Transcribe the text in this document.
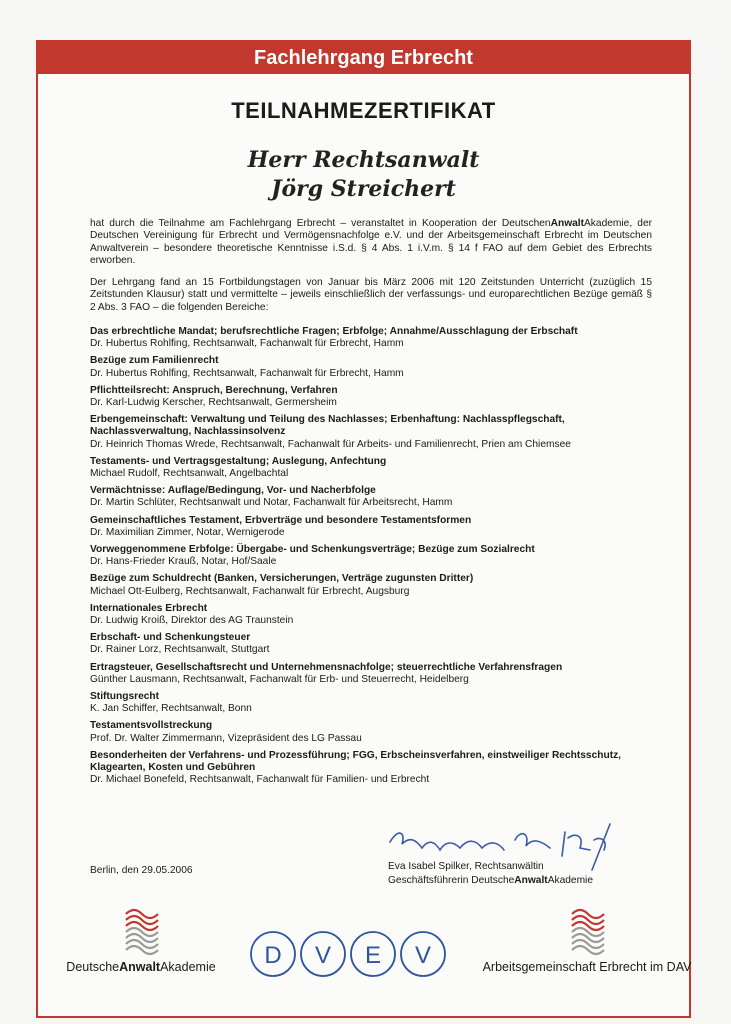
Fachlehrgang Erbrecht
TEILNAHMEZERTIFIKAT
Herr Rechtsanwalt
Jörg Streichert
hat durch die Teilnahme am Fachlehrgang Erbrecht – veranstaltet in Kooperation der DeutschenAnwaltAkademie, der Deutschen Vereinigung für Erbrecht und Vermögensnachfolge e.V. und der Arbeitsgemeinschaft Erbrecht im Deutschen Anwaltverein – besondere theoretische Kenntnisse i.S.d. § 4 Abs. 1 i.V.m. § 14 f FAO auf dem Gebiet des Erbrechts erworben.
Der Lehrgang fand an 15 Fortbildungstagen von Januar bis März 2006 mit 120 Zeitstunden Unterricht (zuzüglich 15 Zeitstunden Klausur) statt und vermittelte – jeweils einschließlich der verfassungs- und europarechtlichen Bezüge gemäß § 2 Abs. 3 FAO – die folgenden Bereiche:
Das erbrechtliche Mandat; berufsrechtliche Fragen; Erbfolge; Annahme/Ausschlagung der Erbschaft
Dr. Hubertus Rohlfing, Rechtsanwalt, Fachanwalt für Erbrecht, Hamm
Bezüge zum Familienrecht
Dr. Hubertus Rohlfing, Rechtsanwalt, Fachanwalt für Erbrecht, Hamm
Pflichtteilsrecht: Anspruch, Berechnung, Verfahren
Dr. Karl-Ludwig Kerscher, Rechtsanwalt, Germersheim
Erbengemeinschaft: Verwaltung und Teilung des Nachlasses; Erbenhaftung: Nachlasspflegschaft, Nachlassverwaltung, Nachlassinsolvenz
Dr. Heinrich Thomas Wrede, Rechtsanwalt, Fachanwalt für Arbeits- und Familienrecht, Prien am Chiemsee
Testaments- und Vertragsgestaltung; Auslegung, Anfechtung
Michael Rudolf, Rechtsanwalt, Angelbachtal
Vermächtnisse: Auflage/Bedingung, Vor- und Nacherbfolge
Dr. Martin Schlüter, Rechtsanwalt und Notar, Fachanwalt für Arbeitsrecht, Hamm
Gemeinschaftliches Testament, Erbverträge und besondere Testamentsformen
Dr. Maximilian Zimmer, Notar, Wernigerode
Vorweggenommene Erbfolge: Übergabe- und Schenkungsverträge; Bezüge zum Sozialrecht
Dr. Hans-Frieder Krauß, Notar, Hof/Saale
Bezüge zum Schuldrecht (Banken, Versicherungen, Verträge zugunsten Dritter)
Michael Ott-Eulberg, Rechtsanwalt, Fachanwalt für Erbrecht, Augsburg
Internationales Erbrecht
Dr. Ludwig Kroiß, Direktor des AG Traunstein
Erbschaft- und Schenkungsteuer
Dr. Rainer Lorz, Rechtsanwalt, Stuttgart
Ertragsteuer, Gesellschaftsrecht und Unternehmensnachfolge; steuerrechtliche Verfahrensfragen
Günther Lausmann, Rechtsanwalt, Fachanwalt für Erb- und Steuerrecht, Heidelberg
Stiftungsrecht
K. Jan Schiffer, Rechtsanwalt, Bonn
Testamentsvollstreckung
Prof. Dr. Walter Zimmermann, Vizepräsident des LG Passau
Besonderheiten der Verfahrens- und Prozessführung; FGG, Erbscheinsverfahren, einstweiliger Rechtsschutz, Klagearten, Kosten und Gebühren
Dr. Michael Bonefeld, Rechtsanwalt, Fachanwalt für Familien- und Erbrecht
Berlin, den 29.05.2006	Eva Isabel Spilker, Rechtsanwältin
Geschäftsführerin DeutscheAnwaltAkademie
DeutscheAnwaltAkademie	D V E V	Arbeitsgemeinschaft Erbrecht im DAV
